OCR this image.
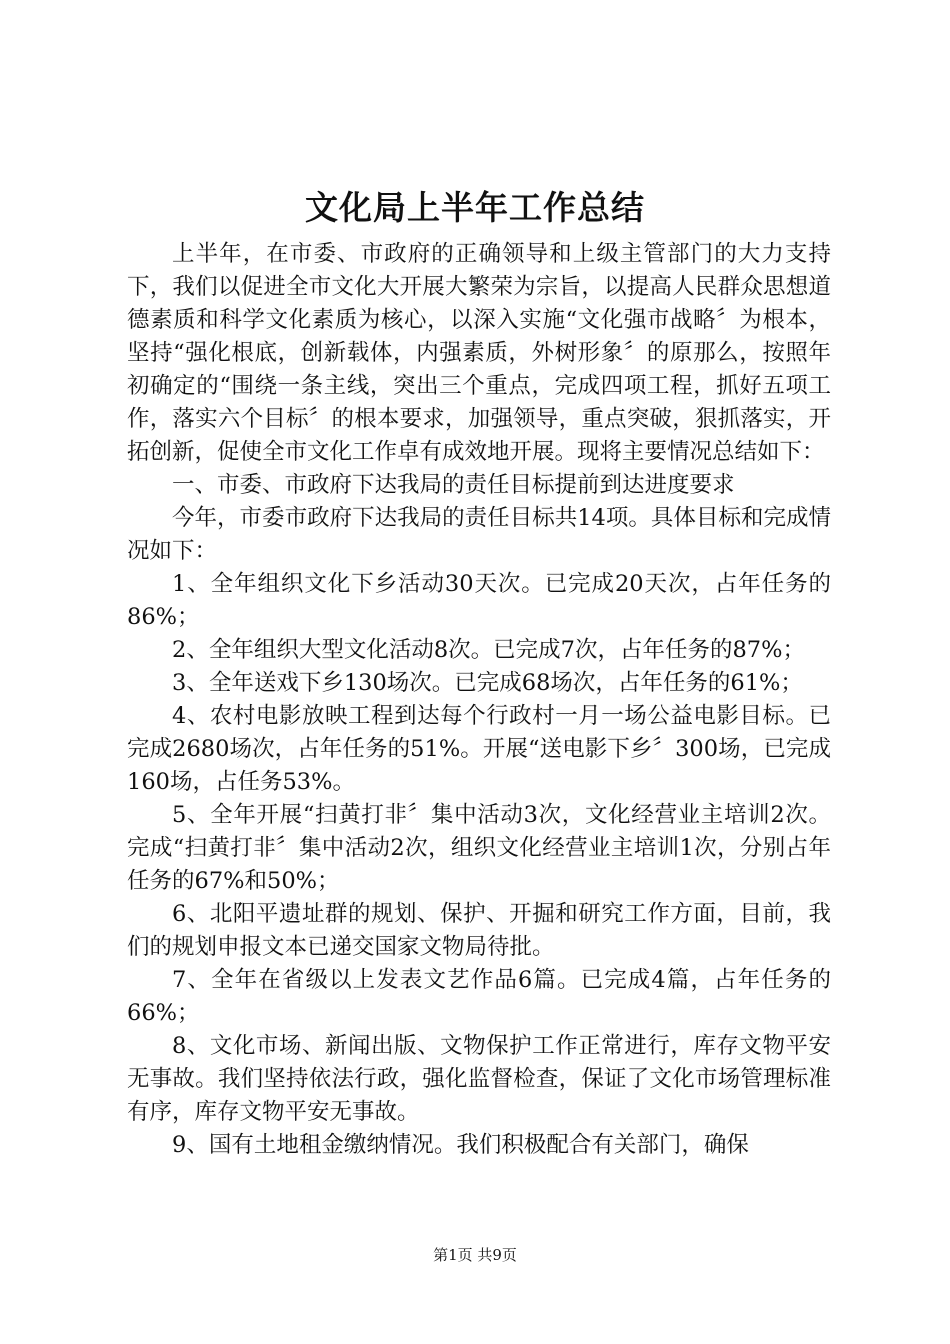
文化局上半年工作总结

上半年，在市委、市政府的正确领导和上级主管部门的大力支持下，我们以促进全市文化大开展大繁荣为宗旨，以提高人民群众思想道德素质和科学文化素质为核心，以深入实施“文化强市战略〞为根本，坚持“强化根底，创新载体，内强素质，外树形象〞的原那么，按照年初确定的“围绕一条主线，突出三个重点，完成四项工程，抓好五项工作，落实六个目标〞的根本要求，加强领导，重点突破，狠抓落实，开拓创新，促使全市文化工作卓有成效地开展。现将主要情况总结如下：

一、市委、市政府下达我局的责任目标提前到达进度要求

今年，市委市政府下达我局的责任目标共14项。具体目标和完成情况如下：

1、全年组织文化下乡活动30天次。已完成20天次，占年任务的86%；

2、全年组织大型文化活动8次。已完成7次，占年任务的87%；

3、全年送戏下乡130场次。已完成68场次，占年任务的61%；

4、农村电影放映工程到达每个行政村一月一场公益电影目标。已完成2680场次，占年任务的51%。开展“送电影下乡〞300场，已完成160场，占任务53%。

5、全年开展“扫黄打非〞集中活动3次，文化经营业主培训2次。完成“扫黄打非〞集中活动2次，组织文化经营业主培训1次，分别占年任务的67%和50%；

6、北阳平遗址群的规划、保护、开掘和研究工作方面，目前，我们的规划申报文本已递交国家文物局待批。

7、全年在省级以上发表文艺作品6篇。已完成4篇，占年任务的66%；

8、文化市场、新闻出版、文物保护工作正常进行，库存文物平安无事故。我们坚持依法行政，强化监督检查，保证了文化市场管理标准有序，库存文物平安无事故。

9、国有土地租金缴纳情况。我们积极配合有关部门，确保

第1页 共9页
